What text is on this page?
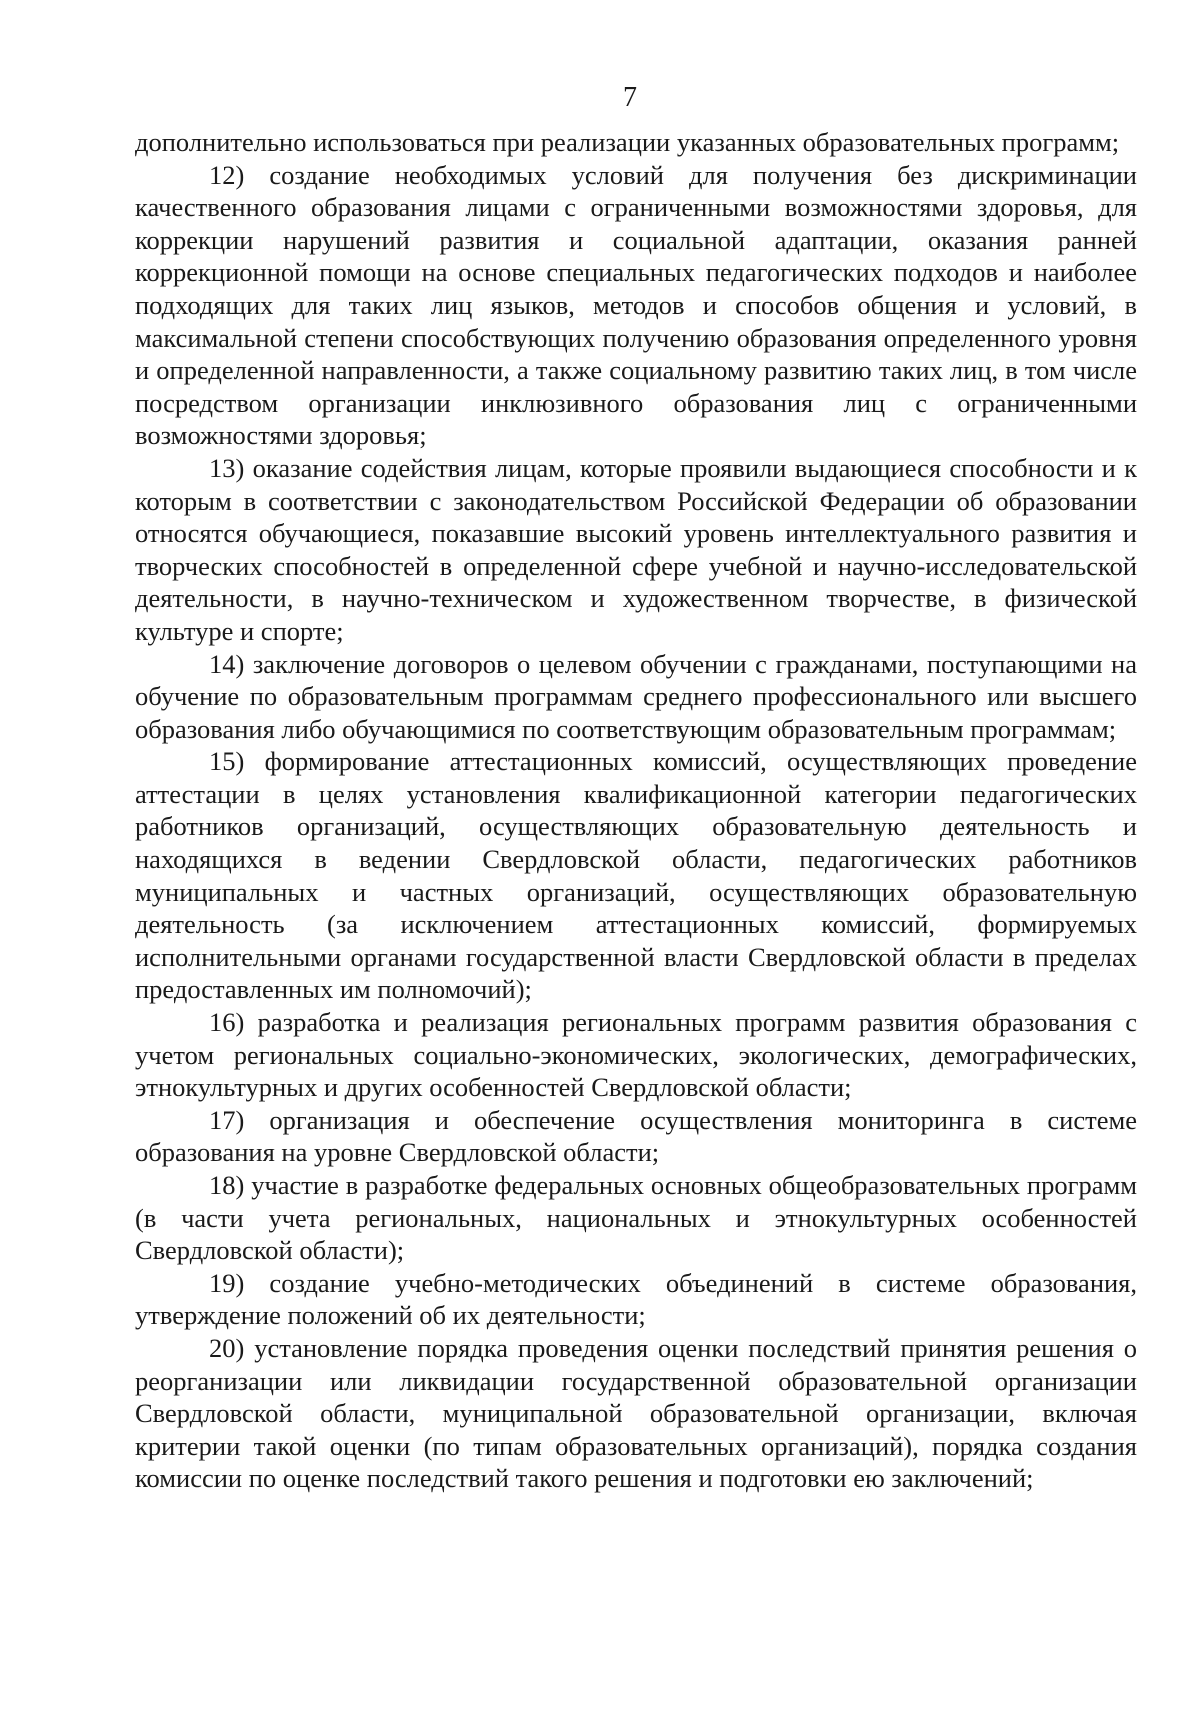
7

дополнительно использоваться при реализации указанных образовательных программ;

12) создание необходимых условий для получения без дискриминации качественного образования лицами с ограниченными возможностями здоровья, для коррекции нарушений развития и социальной адаптации, оказания ранней коррекционной помощи на основе специальных педагогических подходов и наиболее подходящих для таких лиц языков, методов и способов общения и условий, в максимальной степени способствующих получению образования определенного уровня и определенной направленности, а также социальному развитию таких лиц, в том числе посредством организации инклюзивного образования лиц с ограниченными возможностями здоровья;

13) оказание содействия лицам, которые проявили выдающиеся способности и к которым в соответствии с законодательством Российской Федерации об образовании относятся обучающиеся, показавшие высокий уровень интеллектуального развития и творческих способностей в определенной сфере учебной и научно-исследовательской деятельности, в научно-техническом и художественном творчестве, в физической культуре и спорте;

14) заключение договоров о целевом обучении с гражданами, поступающими на обучение по образовательным программам среднего профессионального или высшего образования либо обучающимися по соответствующим образовательным программам;

15) формирование аттестационных комиссий, осуществляющих проведение аттестации в целях установления квалификационной категории педагогических работников организаций, осуществляющих образовательную деятельность и находящихся в ведении Свердловской области, педагогических работников муниципальных и частных организаций, осуществляющих образовательную деятельность (за исключением аттестационных комиссий, формируемых исполнительными органами государственной власти Свердловской области в пределах предоставленных им полномочий);

16) разработка и реализация региональных программ развития образования с учетом региональных социально-экономических, экологических, демографических, этнокультурных и других особенностей Свердловской области;

17) организация и обеспечение осуществления мониторинга в системе образования на уровне Свердловской области;

18) участие в разработке федеральных основных общеобразовательных программ (в части учета региональных, национальных и этнокультурных особенностей Свердловской области);

19) создание учебно-методических объединений в системе образования, утверждение положений об их деятельности;

20) установление порядка проведения оценки последствий принятия решения о реорганизации или ликвидации государственной образовательной организации Свердловской области, муниципальной образовательной организации, включая критерии такой оценки (по типам образовательных организаций), порядка создания комиссии по оценке последствий такого решения и подготовки ею заключений;
